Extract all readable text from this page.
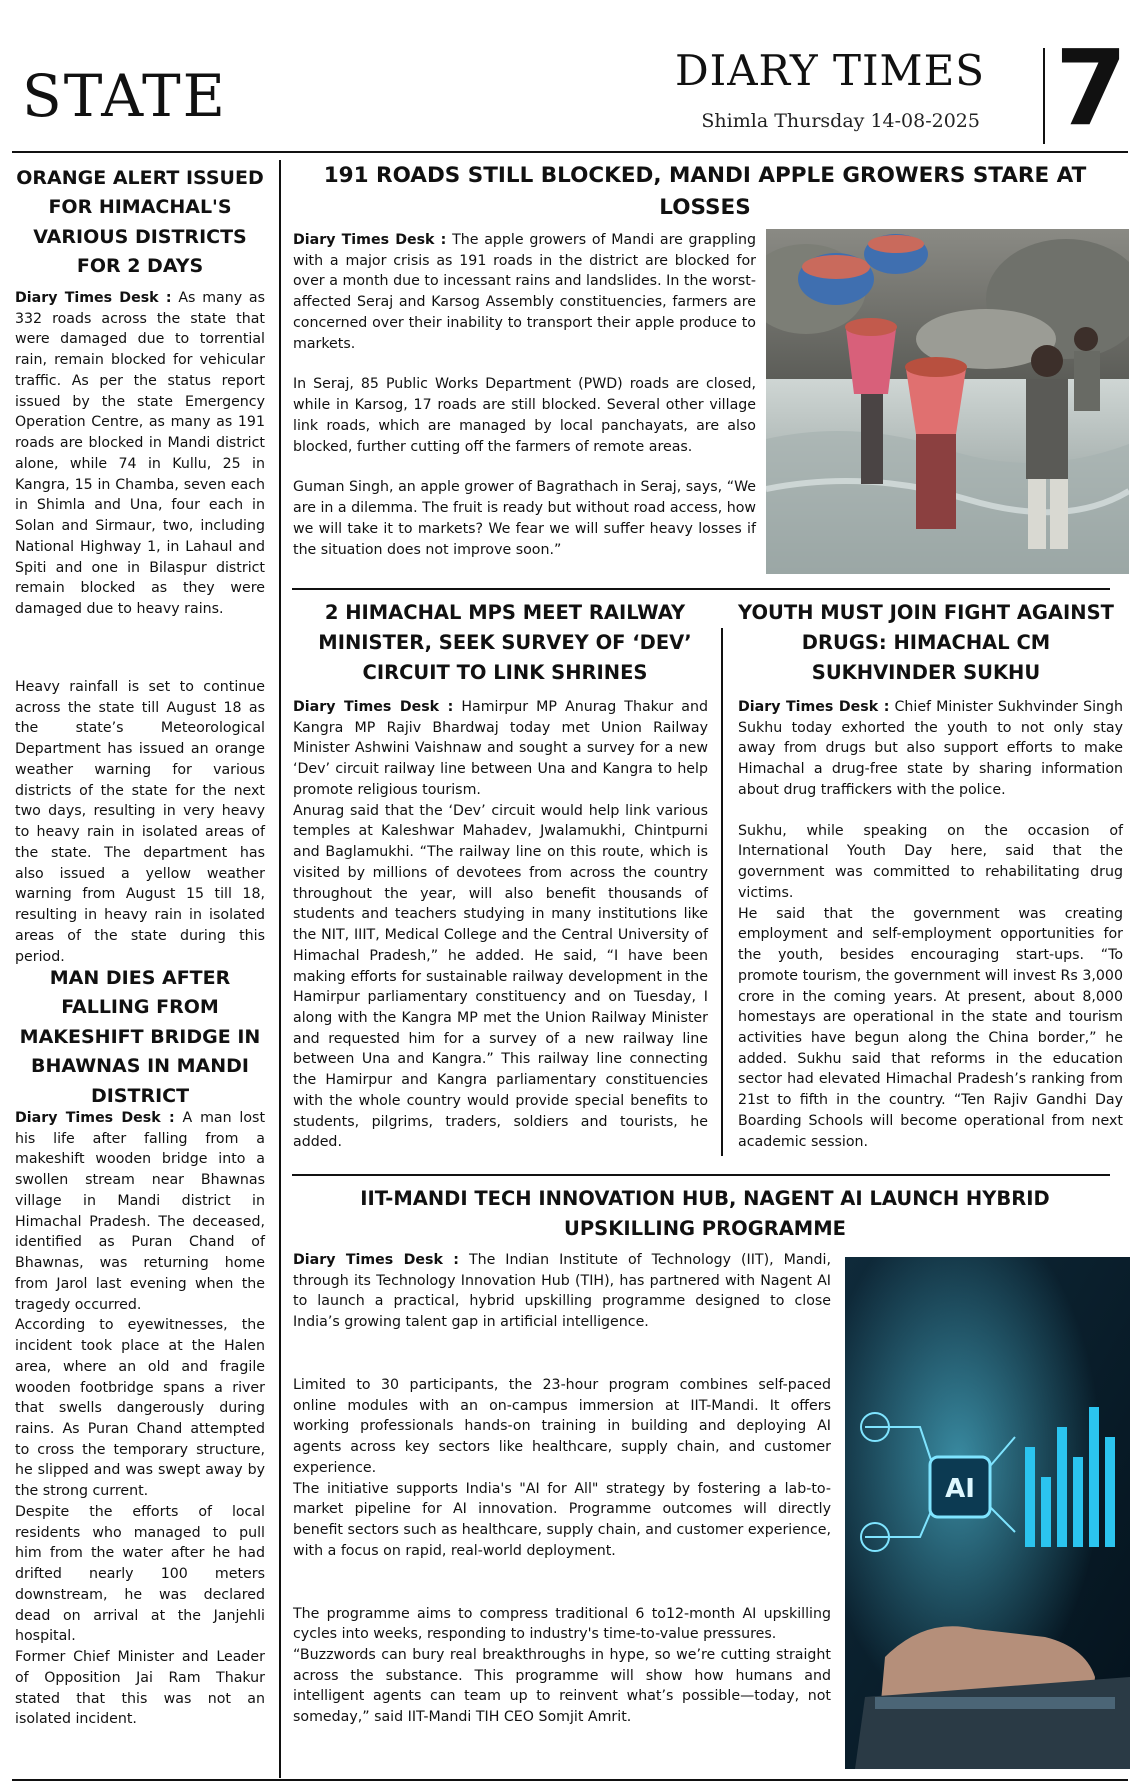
STATE	DIARY TIMES
Shimla Thursday 14-08-2025 7
ORANGE ALERT ISSUED FOR HIMACHAL'S VARIOUS DISTRICTS FOR 2 DAYS

Diary Times Desk : As many as 332 roads across the state that were damaged due to torrential rain, remain blocked for vehicular traffic. As per the status report issued by the state Emergency Operation Centre, as many as 191 roads are blocked in Mandi district alone, while 74 in Kullu, 25 in Kangra, 15 in Chamba, seven each in Shimla and Una, four each in Solan and Sirmaur, two, including National Highway 1, in Lahaul and Spiti and one in Bilaspur district remain blocked as they were damaged due to heavy rains.

Heavy rainfall is set to continue across the state till August 18 as the state’s Meteorological Department has issued an orange weather warning for various districts of the state for the next two days, resulting in very heavy to heavy rain in isolated areas of the state. The department has also issued a yellow weather warning from August 15 till 18, resulting in heavy rain in isolated areas of the state during this period.

MAN DIES AFTER FALLING FROM MAKESHIFT BRIDGE IN BHAWNAS IN MANDI DISTRICT

Diary Times Desk : A man lost his life after falling from a makeshift wooden bridge into a swollen stream near Bhawnas village in Mandi district in Himachal Pradesh. The deceased, identified as Puran Chand of Bhawnas, was returning home from Jarol last evening when the tragedy occurred.

According to eyewitnesses, the incident took place at the Halen area, where an old and fragile wooden footbridge spans a river that swells dangerously during rains. As Puran Chand attempted to cross the temporary structure, he slipped and was swept away by the strong current.

Despite the efforts of local residents who managed to pull him from the water after he had drifted nearly 100 meters downstream, he was declared dead on arrival at the Janjehli hospital.

Former Chief Minister and Leader of Opposition Jai Ram Thakur stated that this was not an isolated incident.

191 ROADS STILL BLOCKED, MANDI APPLE GROWERS STARE AT LOSSES

Diary Times Desk : The apple growers of Mandi are grappling with a major crisis as 191 roads in the district are blocked for over a month due to incessant rains and landslides. In the worst-affected Seraj and Karsog Assembly constituencies, farmers are concerned over their inability to transport their apple produce to markets.

In Seraj, 85 Public Works Department (PWD) roads are closed, while in Karsog, 17 roads are still blocked. Several other village link roads, which are managed by local panchayats, are also blocked, further cutting off the farmers of remote areas.

Guman Singh, an apple grower of Bagrathach in Seraj, says, “We are in a dilemma. The fruit is ready but without road access, how we will take it to markets? We fear we will suffer heavy losses if the situation does not improve soon.”

2 HIMACHAL MPS MEET RAILWAY MINISTER, SEEK SURVEY OF ‘DEV’ CIRCUIT TO LINK SHRINES

Diary Times Desk : Hamirpur MP Anurag Thakur and Kangra MP Rajiv Bhardwaj today met Union Railway Minister Ashwini Vaishnaw and sought a survey for a new ‘Dev’ circuit railway line between Una and Kangra to help promote religious tourism.

Anurag said that the ‘Dev’ circuit would help link various temples at Kaleshwar Mahadev, Jwalamukhi, Chintpurni and Baglamukhi. “The railway line on this route, which is visited by millions of devotees from across the country throughout the year, will also benefit thousands of students and teachers studying in many institutions like the NIT, IIIT, Medical College and the Central University of Himachal Pradesh,” he added. He said, “I have been making efforts for sustainable railway development in the Hamirpur parliamentary constituency and on Tuesday, I along with the Kangra MP met the Union Railway Minister and requested him for a survey of a new railway line between Una and Kangra.” This railway line connecting the Hamirpur and Kangra parliamentary constituencies with the whole country would provide special benefits to students, pilgrims, traders, soldiers and tourists, he added.

YOUTH MUST JOIN FIGHT AGAINST DRUGS: HIMACHAL CM SUKHVINDER SUKHU

Diary Times Desk : Chief Minister Sukhvinder Singh Sukhu today exhorted the youth to not only stay away from drugs but also support efforts to make Himachal a drug-free state by sharing information about drug traffickers with the police.

Sukhu, while speaking on the occasion of International Youth Day here, said that the government was committed to rehabilitating drug victims.

He said that the government was creating employment and self-employment opportunities for the youth, besides encouraging start-ups. “To promote tourism, the government will invest Rs 3,000 crore in the coming years. At present, about 8,000 homestays are operational in the state and tourism activities have begun along the China border,” he added. Sukhu said that reforms in the education sector had elevated Himachal Pradesh’s ranking from 21st to fifth in the country. “Ten Rajiv Gandhi Day Boarding Schools will become operational from next academic session.

IIT-MANDI TECH INNOVATION HUB, NAGENT AI LAUNCH HYBRID UPSKILLING PROGRAMME

Diary Times Desk : The Indian Institute of Technology (IIT), Mandi, through its Technology Innovation Hub (TIH), has partnered with Nagent AI to launch a practical, hybrid upskilling programme designed to close India’s growing talent gap in artificial intelligence.

Limited to 30 participants, the 23-hour program combines self-paced online modules with an on-campus immersion at IIT-Mandi. It offers working professionals hands-on training in building and deploying AI agents across key sectors like healthcare, supply chain, and customer experience.

The initiative supports India's "AI for All" strategy by fostering a lab-to-market pipeline for AI innovation. Programme outcomes will directly benefit sectors such as healthcare, supply chain, and customer experience, with a focus on rapid, real-world deployment.

The programme aims to compress traditional 6 to12-month AI upskilling cycles into weeks, responding to industry's time-to-value pressures.

“Buzzwords can bury real breakthroughs in hype, so we’re cutting straight across the substance. This programme will show how humans and intelligent agents can team up to reinvent what’s possible—today, not someday,” said IIT-Mandi TIH CEO Somjit Amrit.

AI
